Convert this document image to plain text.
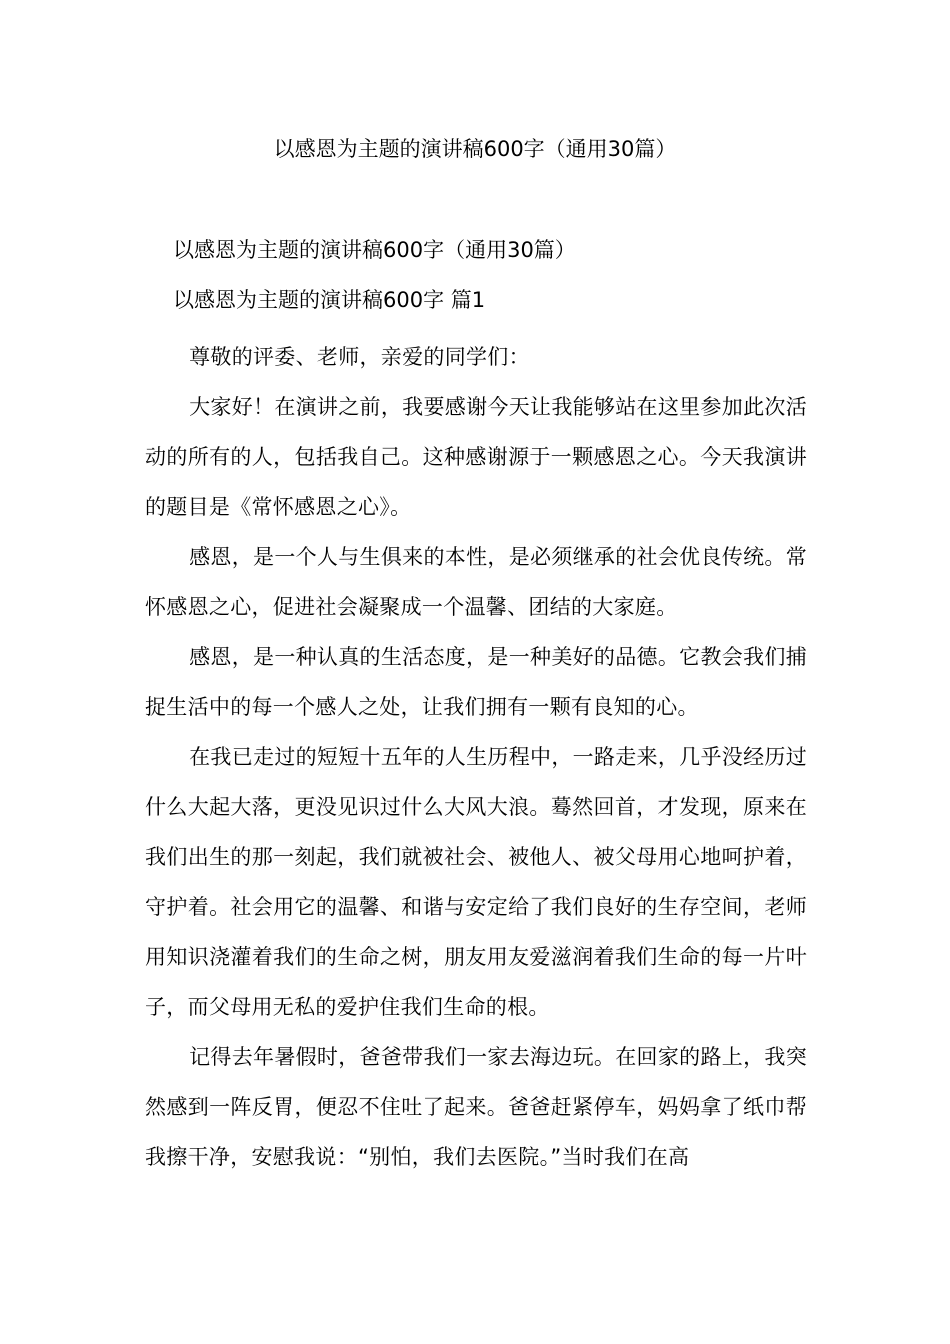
以感恩为主题的演讲稿600字（通用30篇）
以感恩为主题的演讲稿600字（通用30篇）
以感恩为主题的演讲稿600字 篇1

尊敬的评委、老师，亲爱的同学们：

大家好！在演讲之前，我要感谢今天让我能够站在这里参加此次活动的所有的人，包括我自己。这种感谢源于一颗感恩之心。今天我演讲的题目是《常怀感恩之心》。

感恩，是一个人与生俱来的本性，是必须继承的社会优良传统。常怀感恩之心，促进社会凝聚成一个温馨、团结的大家庭。

感恩，是一种认真的生活态度，是一种美好的品德。它教会我们捕捉生活中的每一个感人之处，让我们拥有一颗有良知的心。

在我已走过的短短十五年的人生历程中，一路走来，几乎没经历过什么大起大落，更没见识过什么大风大浪。蓦然回首，才发现，原来在我们出生的那一刻起，我们就被社会、被他人、被父母用心地呵护着，守护着。社会用它的温馨、和谐与安定给了我们良好的生存空间，老师用知识浇灌着我们的生命之树，朋友用友爱滋润着我们生命的每一片叶子，而父母用无私的爱护住我们生命的根。

记得去年暑假时，爸爸带我们一家去海边玩。在回家的路上，我突然感到一阵反胃，便忍不住吐了起来。爸爸赶紧停车，妈妈拿了纸巾帮我擦干净，安慰我说：“别怕，我们去医院。”当时我们在高
